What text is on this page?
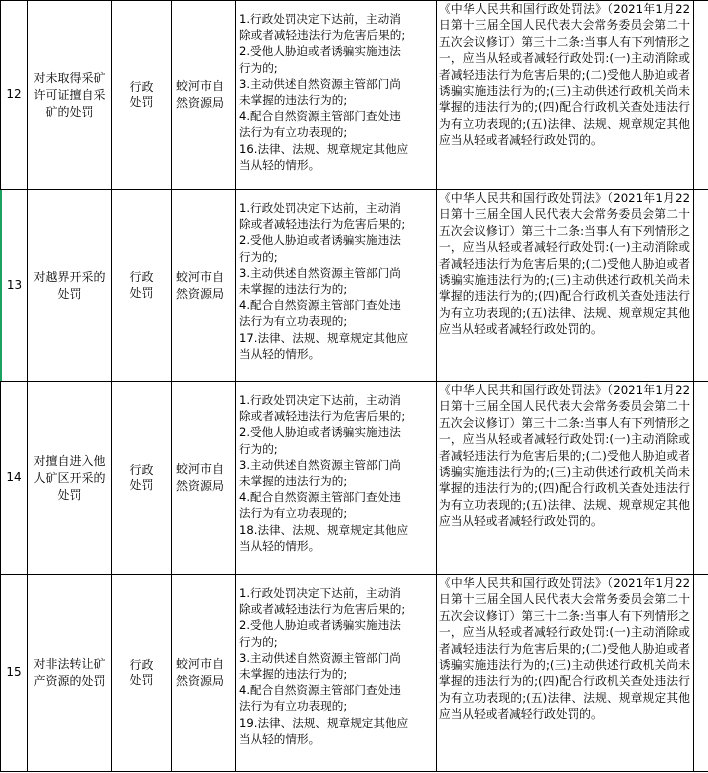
12
对未取得采矿许可证擅自采矿的处罚
行政处罚
蛟河市自然资源局
1.行政处罚决定下达前，主动消
除或者减轻违法行为危害后果的;
2.受他人胁迫或者诱骗实施违法
行为的;
3.主动供述自然资源主管部门尚
未掌握的违法行为的;
4.配合自然资源主管部门查处违
法行为有立功表现的;
16.法律、法规、规章规定其他应
当从轻的情形。
《中华人民共和国行政处罚法》（2021年1月22日第十三届全国人民代表大会常务委员会第二十五次会议修订）第三十二条:当事人有下列情形之一，应当从轻或者减轻行政处罚:(一)主动消除或者减轻违法行为危害后果的;(二)受他人胁迫或者诱骗实施违法行为的;(三)主动供述行政机关尚未掌握的违法行为的;(四)配合行政机关查处违法行为有立功表现的;(五)法律、法规、规章规定其他应当从轻或者减轻行政处罚的。
13
对越界开采的处罚
行政处罚
蛟河市自然资源局
1.行政处罚决定下达前，主动消
除或者减轻违法行为危害后果的;
2.受他人胁迫或者诱骗实施违法
行为的;
3.主动供述自然资源主管部门尚
未掌握的违法行为的;
4.配合自然资源主管部门查处违
法行为有立功表现的;
17.法律、法规、规章规定其他应
当从轻的情形。
《中华人民共和国行政处罚法》（2021年1月22日第十三届全国人民代表大会常务委员会第二十五次会议修订）第三十二条:当事人有下列情形之一，应当从轻或者减轻行政处罚:(一)主动消除或者减轻违法行为危害后果的;(二)受他人胁迫或者诱骗实施违法行为的;(三)主动供述行政机关尚未掌握的违法行为的;(四)配合行政机关查处违法行为有立功表现的;(五)法律、法规、规章规定其他应当从轻或者减轻行政处罚的。
14
对擅自进入他人矿区开采的处罚
行政处罚
蛟河市自然资源局
1.行政处罚决定下达前，主动消
除或者减轻违法行为危害后果的;
2.受他人胁迫或者诱骗实施违法
行为的;
3.主动供述自然资源主管部门尚
未掌握的违法行为的;
4.配合自然资源主管部门查处违
法行为有立功表现的;
18.法律、法规、规章规定其他应
当从轻的情形。
《中华人民共和国行政处罚法》（2021年1月22日第十三届全国人民代表大会常务委员会第二十五次会议修订）第三十二条:当事人有下列情形之一，应当从轻或者减轻行政处罚:(一)主动消除或者减轻违法行为危害后果的;(二)受他人胁迫或者诱骗实施违法行为的;(三)主动供述行政机关尚未掌握的违法行为的;(四)配合行政机关查处违法行为有立功表现的;(五)法律、法规、规章规定其他应当从轻或者减轻行政处罚的。
15
对非法转让矿产资源的处罚
行政处罚
蛟河市自然资源局
1.行政处罚决定下达前，主动消
除或者减轻违法行为危害后果的;
2.受他人胁迫或者诱骗实施违法
行为的;
3.主动供述自然资源主管部门尚
未掌握的违法行为的;
4.配合自然资源主管部门查处违
法行为有立功表现的;
19.法律、法规、规章规定其他应
当从轻的情形。
《中华人民共和国行政处罚法》（2021年1月22日第十三届全国人民代表大会常务委员会第二十五次会议修订）第三十二条:当事人有下列情形之一，应当从轻或者减轻行政处罚:(一)主动消除或者减轻违法行为危害后果的;(二)受他人胁迫或者诱骗实施违法行为的;(三)主动供述行政机关尚未掌握的违法行为的;(四)配合行政机关查处违法行为有立功表现的;(五)法律、法规、规章规定其他应当从轻或者减轻行政处罚的。
